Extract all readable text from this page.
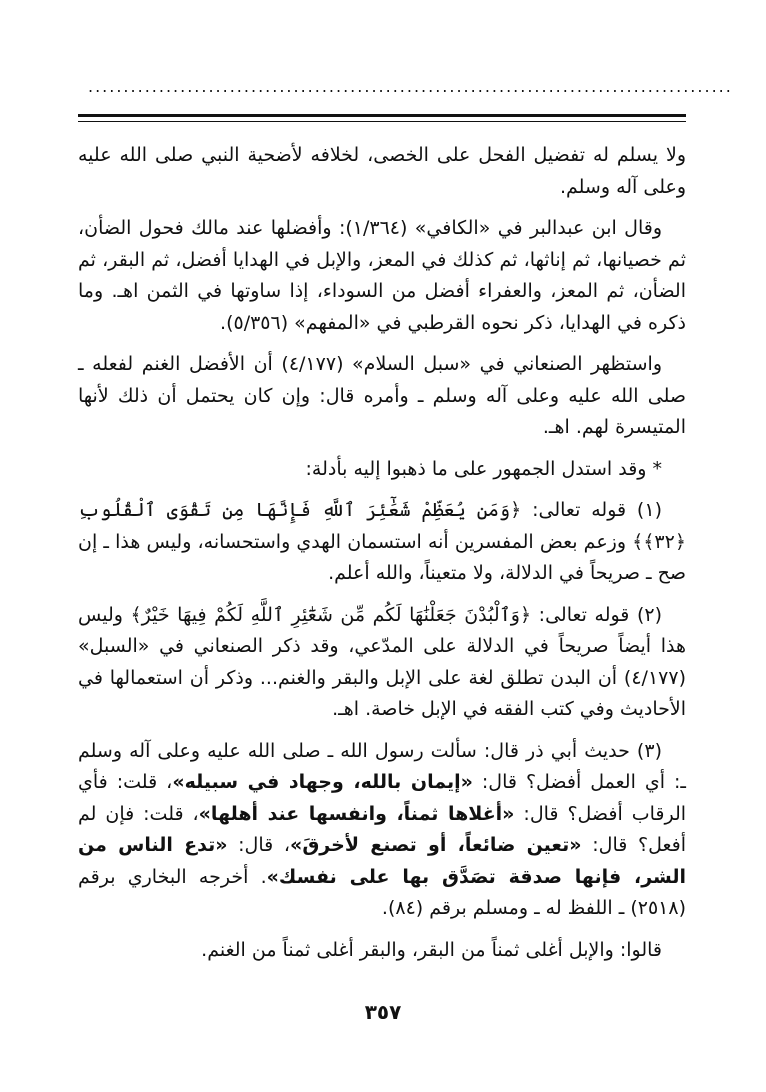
...........................................................................................

ولا يسلم له تفضيل الفحل على الخصى، لخلافه لأضحية النبي صلى الله عليه وعلى آله وسلم.

وقال ابن عبدالبر في «الكافي» (١/٣٦٤): وأفضلها عند مالك فحول الضأن، ثم خصيانها، ثم إناثها، ثم كذلك في المعز، والإبل في الهدايا أفضل، ثم البقر، ثم الضأن، ثم المعز، والعفراء أفضل من السوداء، إذا ساوتها في الثمن اهـ. وما ذكره في الهدايا، ذكر نحوه القرطبي في «المفهم» (٥/٣٥٦).

واستظهر الصنعاني في «سبل السلام» (٤/١٧٧) أن الأفضل الغنم لفعله ـ صلى الله عليه وعلى آله وسلم ـ وأمره قال: وإن كان يحتمل أن ذلك لأنها المتيسرة لهم. اهـ.

* وقد استدل الجمهور على ما ذهبوا إليه بأدلة:

(١) قوله تعالى: ﴿وَمَن يُعَظِّمْ شَعَٰٓئِرَ ٱللَّهِ فَإِنَّهَا مِن تَقْوَى ٱلْقُلُوبِ ﴿٣٢﴾﴾ وزعم بعض المفسرين أنه استسمان الهدي واستحسانه، وليس هذا ـ إن صح ـ صريحاً في الدلالة، ولا متعيناً، والله أعلم.

(٢) قوله تعالى: ﴿وَٱلْبُدْنَ جَعَلْنَٰهَا لَكُم مِّن شَعَٰٓئِرِ ٱللَّهِ لَكُمْ فِيهَا خَيْرٌ﴾ وليس هذا أيضاً صريحاً في الدلالة على المدّعي، وقد ذكر الصنعاني في «السبل» (٤/١٧٧) أن البدن تطلق لغة على الإبل والبقر والغنم... وذكر أن استعمالها في الأحاديث وفي كتب الفقه في الإبل خاصة. اهـ.

(٣) حديث أبي ذر قال: سألت رسول الله ـ صلى الله عليه وعلى آله وسلم ـ: أي العمل أفضل؟ قال: «إيمان بالله، وجهاد في سبيله»، قلت: فأي الرقاب أفضل؟ قال: «أغلاها ثمناً، وانفسها عند أهلها»، قلت: فإن لم أفعل؟ قال: «تعين ضائعاً، أو تصنع لأخرقَ»، قال: «تدع الناس من الشر، فإنها صدقة تصَدَّق بها على نفسك». أخرجه البخاري برقم (٢٥١٨) ـ اللفظ له ـ ومسلم برقم (٨٤).

قالوا: والإبل أغلى ثمناً من البقر، والبقر أغلى ثمناً من الغنم.

٣٥٧
